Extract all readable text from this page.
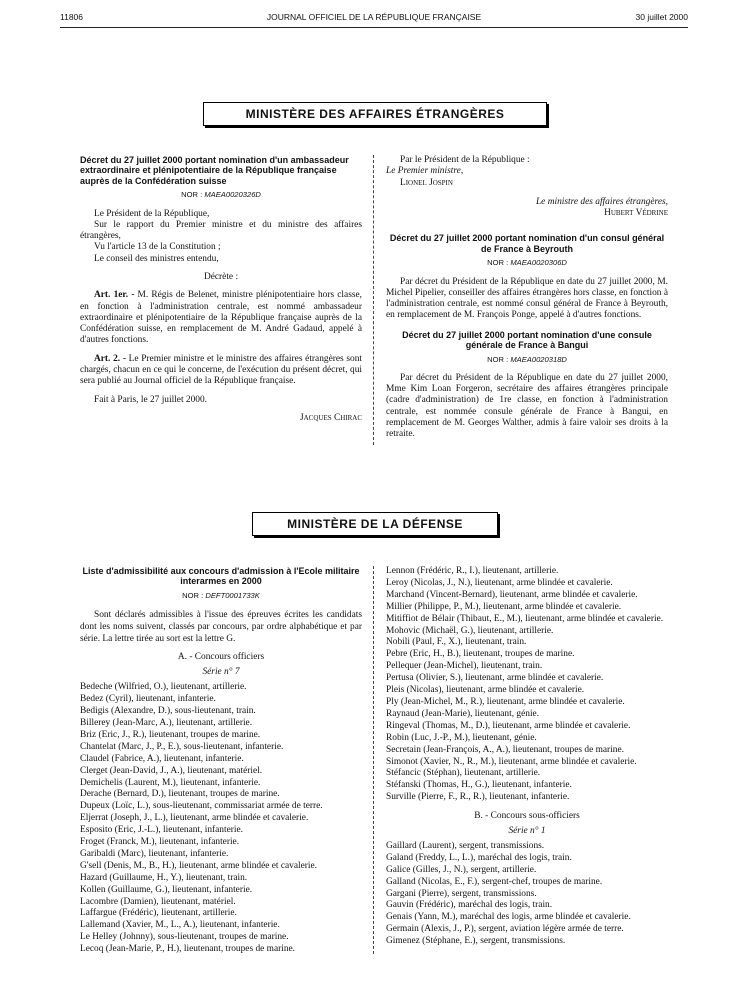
11806	JOURNAL OFFICIEL DE LA RÉPUBLIQUE FRANÇAISE	30 juillet 2000
MINISTÈRE DES AFFAIRES ÉTRANGÈRES
Décret du 27 juillet 2000 portant nomination d'un ambassadeur extraordinaire et plénipotentiaire de la République française auprès de la Confédération suisse
NOR : MAEA0020326D

Le Président de la République,

Sur le rapport du Premier ministre et du ministre des affaires étrangères,

Vu l'article 13 de la Constitution ;

Le conseil des ministres entendu,

Décrète :

Art. 1er. - M. Régis de Belenet, ministre plénipotentiaire hors classe, en fonction à l'administration centrale, est nommé ambassadeur extraordinaire et plénipotentiaire de la République française auprès de la Confédération suisse, en remplacement de M. André Gadaud, appelé à d'autres fonctions.

Art. 2. - Le Premier ministre et le ministre des affaires étrangères sont chargés, chacun en ce qui le concerne, de l'exécution du présent décret, qui sera publié au Journal officiel de la République française.

Fait à Paris, le 27 juillet 2000.

Jacques Chirac

Par le Président de la République :

Le Premier ministre,

Lionel Jospin

Le ministre des affaires étrangères,

Hubert Védrine

Décret du 27 juillet 2000 portant nomination d'un consul général de France à Beyrouth
NOR : MAEA0020306D

Par décret du Président de la République en date du 27 juillet 2000, M. Michel Pipelier, conseiller des affaires étrangères hors classe, en fonction à l'administration centrale, est nommé consul général de France à Beyrouth, en remplacement de M. François Ponge, appelé à d'autres fonctions.

Décret du 27 juillet 2000 portant nomination d'une consule générale de France à Bangui
NOR : MAEA0020318D

Par décret du Président de la République en date du 27 juillet 2000, Mme Kim Loan Forgeron, secrétaire des affaires étrangères principale (cadre d'administration) de 1re classe, en fonction à l'administration centrale, est nommée consule générale de France à Bangui, en remplacement de M. Georges Walther, admis à faire valoir ses droits à la retraite.

MINISTÈRE DE LA DÉFENSE
Liste d'admissibilité aux concours d'admission à l'Ecole militaire interarmes en 2000
NOR : DEFT0001733K

Sont déclarés admissibles à l'issue des épreuves écrites les candidats dont les noms suivent, classés par concours, par ordre alphabétique et par série. La lettre tirée au sort est la lettre G.

A. - Concours officiers

Série n° 7

Bedeche (Wilfried, O.), lieutenant, artillerie.

Bedez (Cyril), lieutenant, infanterie.

Bedigis (Alexandre, D.), sous-lieutenant, train.

Billerey (Jean-Marc, A.), lieutenant, artillerie.

Briz (Eric, J., R.), lieutenant, troupes de marine.

Chantelat (Marc, J., P., E.), sous-lieutenant, infanterie.

Claudel (Fabrice, A.), lieutenant, infanterie.

Clerget (Jean-David, J., A.), lieutenant, matériel.

Demichelis (Laurent, M.), lieutenant, infanterie.

Derache (Bernard, D.), lieutenant, troupes de marine.

Dupeux (Loïc, L.), sous-lieutenant, commissariat armée de terre.

Eljerrat (Joseph, J., L.), lieutenant, arme blindée et cavalerie.

Esposito (Eric, J.-L.), lieutenant, infanterie.

Froget (Franck, M.), lieutenant, infanterie.

Garibaldi (Marc), lieutenant, infanterie.

G'sell (Denis, M., B., H.), lieutenant, arme blindée et cavalerie.

Hazard (Guillaume, H., Y.), lieutenant, train.

Kollen (Guillaume, G.), lieutenant, infanterie.

Lacombre (Damien), lieutenant, matériel.

Laffargue (Frédéric), lieutenant, artillerie.

Lallemand (Xavier, M., L., A.), lieutenant, infanterie.

Le Helley (Johnny), sous-lieutenant, troupes de marine.

Lecoq (Jean-Marie, P., H.), lieutenant, troupes de marine.

Lennon (Frédéric, R., I.), lieutenant, artillerie.

Leroy (Nicolas, J., N.), lieutenant, arme blindée et cavalerie.

Marchand (Vincent-Bernard), lieutenant, arme blindée et cavalerie.

Millier (Philippe, P., M.), lieutenant, arme blindée et cavalerie.

Mitiffiot de Bélair (Thibaut, E., M.), lieutenant, arme blindée et cavalerie.

Mohovic (Michaël, G.), lieutenant, artillerie.

Nobili (Paul, F., X.), lieutenant, train.

Pebre (Eric, H., B.), lieutenant, troupes de marine.

Pellequer (Jean-Michel), lieutenant, train.

Pertusa (Olivier, S.), lieutenant, arme blindée et cavalerie.

Pleis (Nicolas), lieutenant, arme blindée et cavalerie.

Ply (Jean-Michel, M., R.), lieutenant, arme blindée et cavalerie.

Raynaud (Jean-Marie), lieutenant, génie.

Ringeval (Thomas, M., D.), lieutenant, arme blindée et cavalerie.

Robin (Luc, J.-P., M.), lieutenant, génie.

Secretain (Jean-François, A., A.), lieutenant, troupes de marine.

Simonot (Xavier, N., R., M.), lieutenant, arme blindée et cavalerie.

Stéfancic (Stéphan), lieutenant, artillerie.

Stéfanski (Thomas, H., G.), lieutenant, infanterie.

Surville (Pierre, F., R., R.), lieutenant, infanterie.

B. - Concours sous-officiers

Série n° 1

Gaillard (Laurent), sergent, transmissions.

Galand (Freddy, L., L.), maréchal des logis, train.

Galice (Gilles, J., N.), sergent, artillerie.

Galland (Nicolas, E., F.), sergent-chef, troupes de marine.

Gargani (Pierre), sergent, transmissions.

Gauvin (Frédéric), maréchal des logis, train.

Genais (Yann, M.), maréchal des logis, arme blindée et cavalerie.

Germain (Alexis, J., P.), sergent, aviation légère armée de terre.

Gimenez (Stéphane, E.), sergent, transmissions.
